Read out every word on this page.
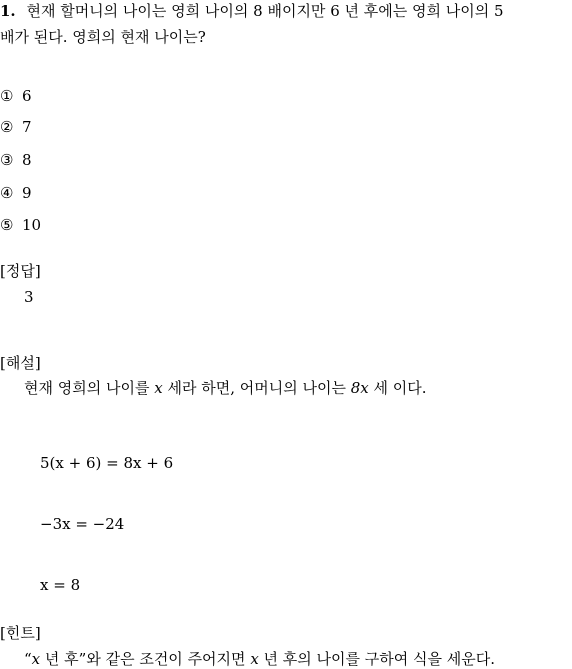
1. 현재 할머니의 나이는 영희 나이의 8 배이지만 6 년 후에는 영희 나이의 5
배가 된다. 영희의 현재 나이는?
① 6
② 7
③ 8
④ 9
⑤ 10
[정답]
3
[해설]
현재 영희의 나이를 x 세라 하면, 어머니의 나이는 8x 세 이다.
5(x + 6) = 8x + 6
−3x = −24
x = 8
[힌트]
“x 년 후”와 같은 조건이 주어지면 x 년 후의 나이를 구하여 식을 세운다.
